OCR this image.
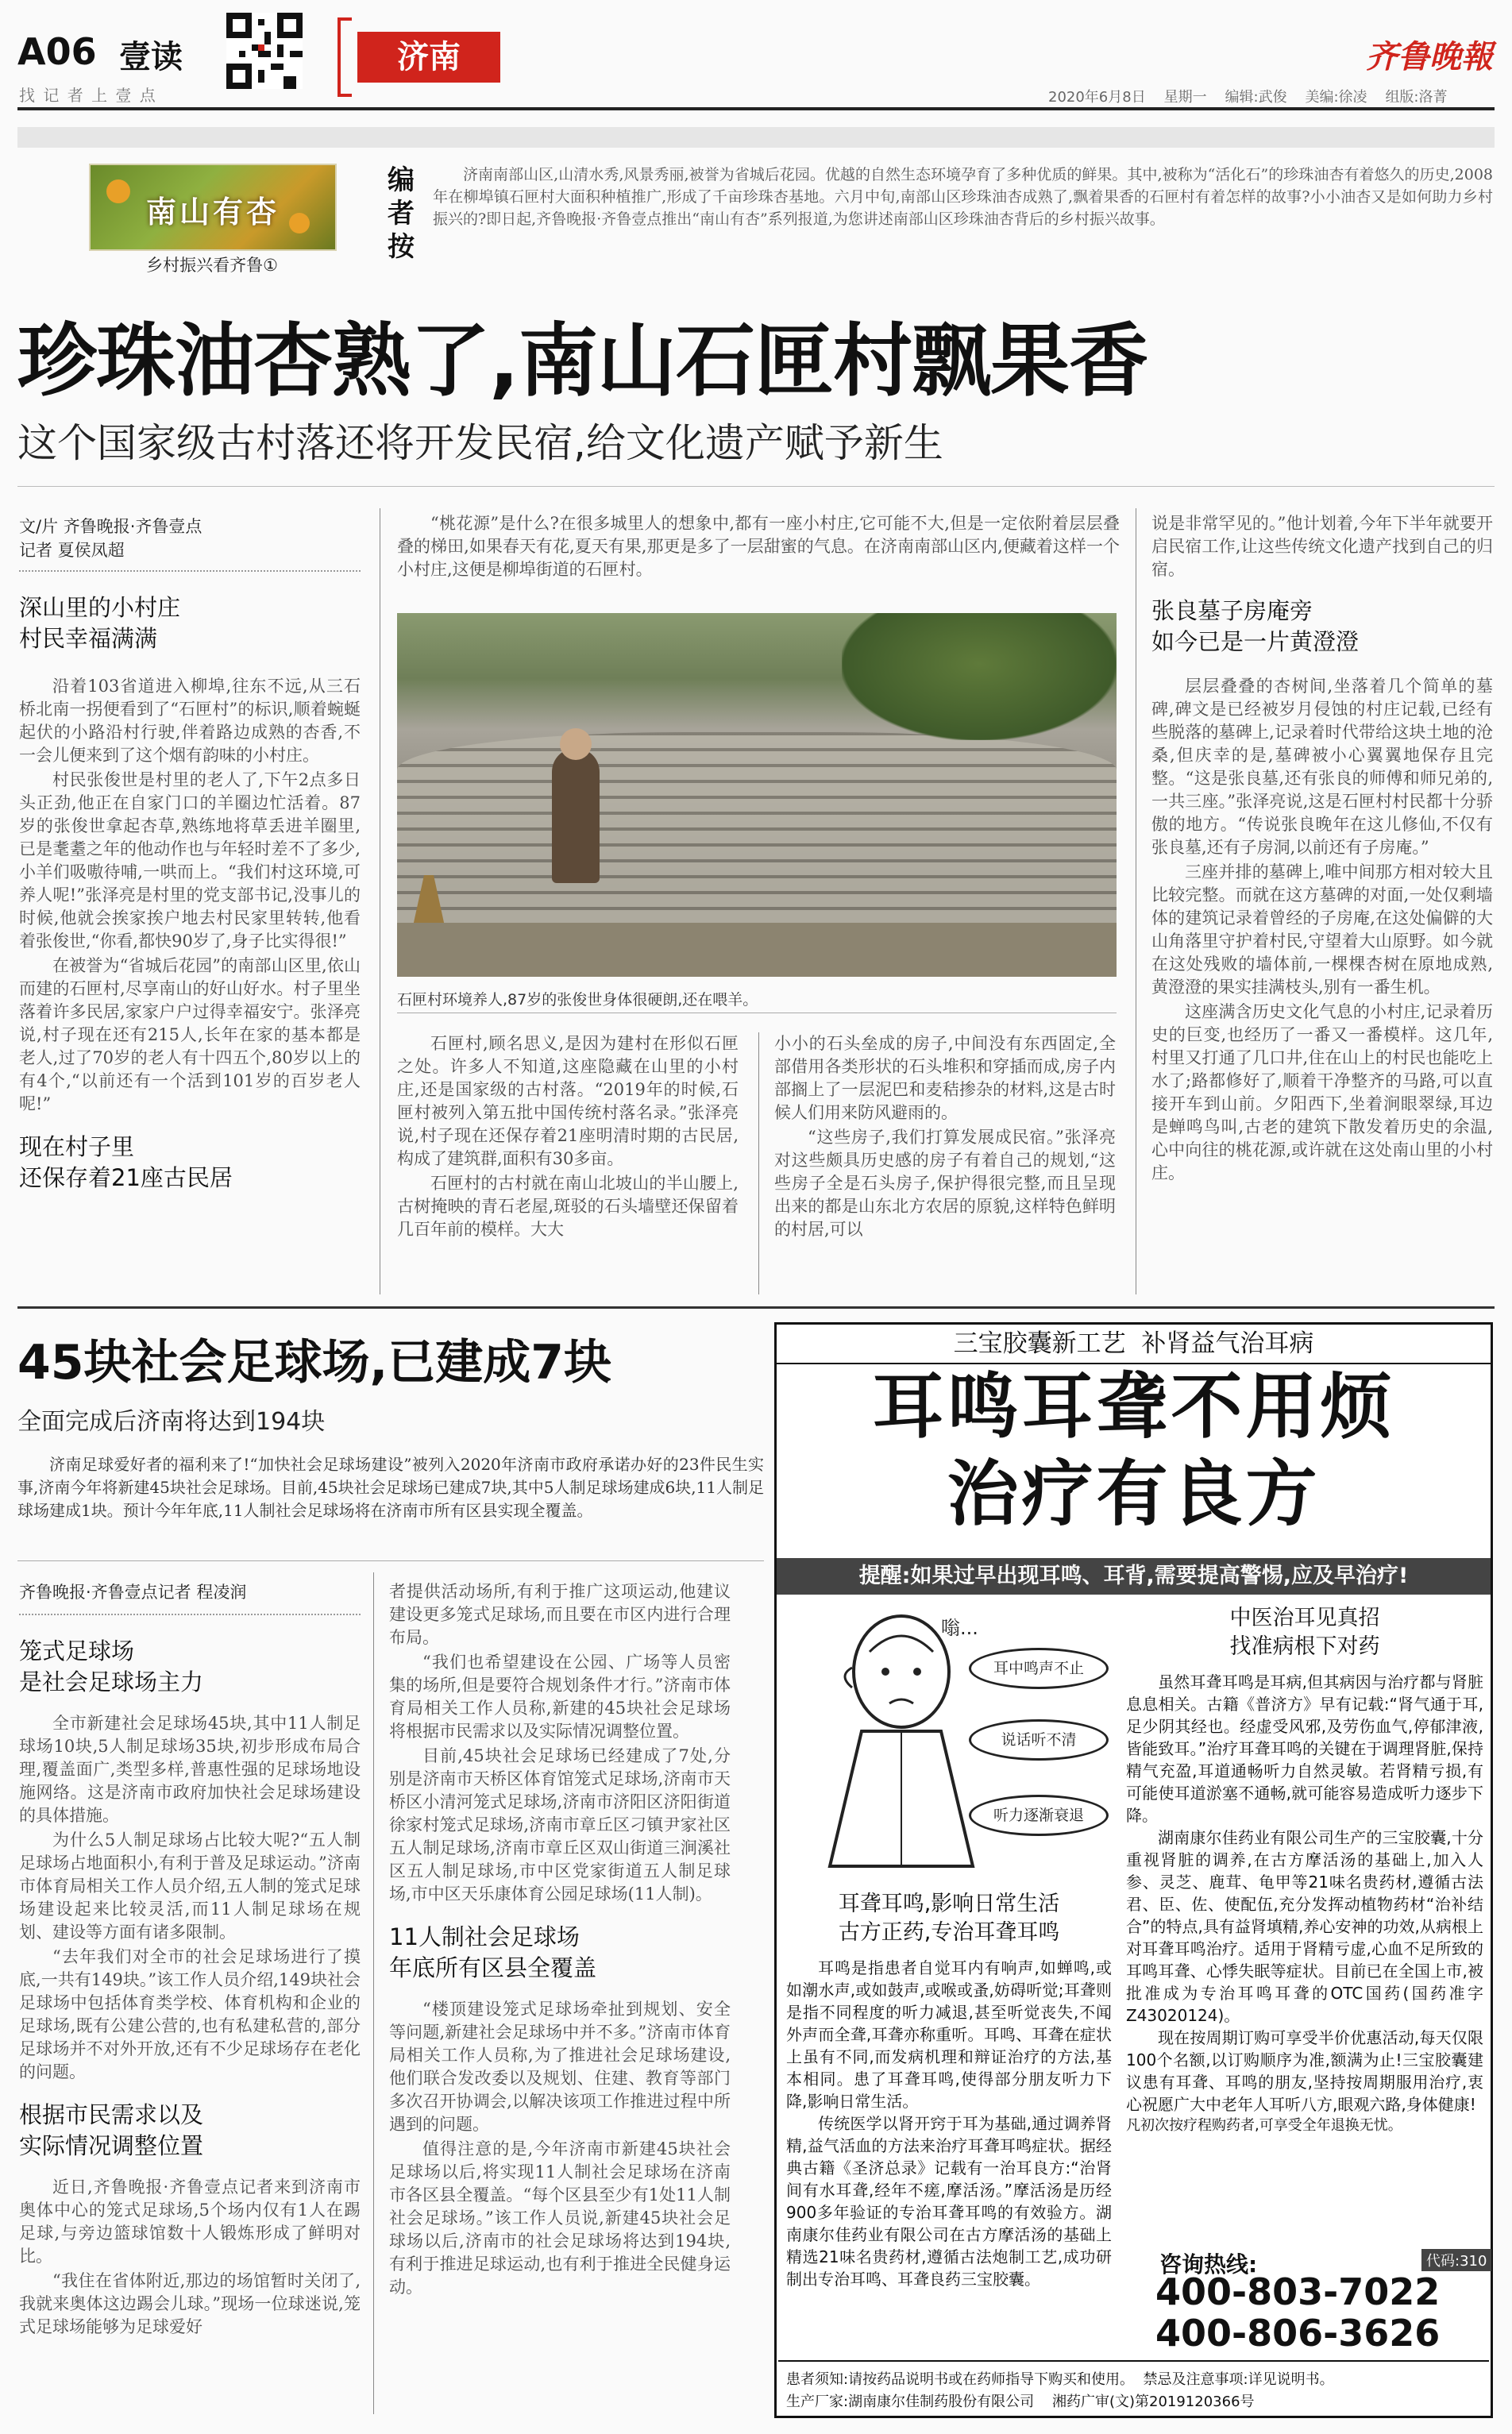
A06 壹读
找 记 者 上 壹 点
济南	齐鲁晚報
2020年6月8日 星期一 编辑:武俊 美编:徐凌 组版:洛菁
南山有杏
乡村振兴看齐鲁①
编
者
按
济南南部山区,山清水秀,风景秀丽,被誉为省城后花园。优越的自然生态环境孕育了多种优质的鲜果。其中,被称为“活化石”的珍珠油杏有着悠久的历史,2008年在柳埠镇石匣村大面积种植推广,形成了千亩珍珠杏基地。六月中旬,南部山区珍珠油杏成熟了,飘着果香的石匣村有着怎样的故事?小小油杏又是如何助力乡村振兴的?即日起,齐鲁晚报·齐鲁壹点推出“南山有杏”系列报道,为您讲述南部山区珍珠油杏背后的乡村振兴故事。
珍珠油杏熟了,南山石匣村飘果香
这个国家级古村落还将开发民宿,给文化遗产赋予新生
文/片 齐鲁晚报·齐鲁壹点
记者 夏侯凤超
深山里的小村庄
村民幸福满满

沿着103省道进入柳埠,往东不远,从三石桥北南一拐便看到了“石匣村”的标识,顺着蜿蜒起伏的小路沿村行驶,伴着路边成熟的杏香,不一会儿便来到了这个烟有韵味的小村庄。

村民张俊世是村里的老人了,下午2点多日头正劲,他正在自家门口的羊圈边忙活着。87岁的张俊世拿起杏草,熟练地将草丢进羊圈里,已是耄耋之年的他动作也与年轻时差不了多少,小羊们吸嗷待哺,一哄而上。“我们村这环境,可养人呢!”张泽亮是村里的党支部书记,没事儿的时候,他就会挨家挨户地去村民家里转转,他看着张俊世,“你看,都快90岁了,身子比实得很!”

在被誉为“省城后花园”的南部山区里,依山而建的石匣村,尽享南山的好山好水。村子里坐落着许多民居,家家户户过得幸福安宁。张泽亮说,村子现在还有215人,长年在家的基本都是老人,过了70岁的老人有十四五个,80岁以上的有4个,“以前还有一个活到101岁的百岁老人呢!”

现在村子里
还保存着21座古民居

“桃花源”是什么?在很多城里人的想象中,都有一座小村庄,它可能不大,但是一定依附着层层叠叠的梯田,如果春天有花,夏天有果,那更是多了一层甜蜜的气息。在济南南部山区内,便藏着这样一个小村庄,这便是柳埠街道的石匣村。

石匣村环境养人,87岁的张俊世身体很硬朗,还在喂羊。

石匣村,顾名思义,是因为建村在形似石匣之处。许多人不知道,这座隐藏在山里的小村庄,还是国家级的古村落。“2019年的时候,石匣村被列入第五批中国传统村落名录。”张泽亮说,村子现在还保存着21座明清时期的古民居,构成了建筑群,面积有30多亩。

石匣村的古村就在南山北坡山的半山腰上,古树掩映的青石老屋,斑驳的石头墙壁还保留着几百年前的模样。大大

小小的石头垒成的房子,中间没有东西固定,全部借用各类形状的石头堆积和穿插而成,房子内部搁上了一层泥巴和麦秸掺杂的材料,这是古时候人们用来防风避雨的。

“这些房子,我们打算发展成民宿。”张泽亮对这些颇具历史感的房子有着自己的规划,“这些房子全是石头房子,保护得很完整,而且呈现出来的都是山东北方农居的原貌,这样特色鲜明的村居,可以

说是非常罕见的。”他计划着,今年下半年就要开启民宿工作,让这些传统文化遗产找到自己的归宿。

张良墓子房庵旁
如今已是一片黄澄澄

层层叠叠的杏树间,坐落着几个简单的墓碑,碑文是已经被岁月侵蚀的村庄记载,已经有些脱落的墓碑上,记录着时代带给这块土地的沧桑,但庆幸的是,墓碑被小心翼翼地保存且完整。“这是张良墓,还有张良的师傅和师兄弟的,一共三座。”张泽亮说,这是石匣村村民都十分骄傲的地方。“传说张良晚年在这儿修仙,不仅有张良墓,还有子房洞,以前还有子房庵。”

三座并排的墓碑上,唯中间那方相对较大且比较完整。而就在这方墓碑的对面,一处仅剩墙体的建筑记录着曾经的子房庵,在这处偏僻的大山角落里守护着村民,守望着大山原野。如今就在这处残败的墙体前,一棵棵杏树在原地成熟,黄澄澄的果实挂满枝头,别有一番生机。

这座满含历史文化气息的小村庄,记录着历史的巨变,也经历了一番又一番模样。这几年,村里又打通了几口井,住在山上的村民也能吃上水了;路都修好了,顺着干净整齐的马路,可以直接开车到山前。夕阳西下,坐着涧眼翠绿,耳边是蝉鸣鸟叫,古老的建筑下散发着历史的余温,心中向往的桃花源,或许就在这处南山里的小村庄。

45块社会足球场,已建成7块
全面完成后济南将达到194块
济南足球爱好者的福利来了!“加快社会足球场建设”被列入2020年济南市政府承诺办好的23件民生实事,济南今年将新建45块社会足球场。目前,45块社会足球场已建成7块,其中5人制足球场建成6块,11人制足球场建成1块。预计今年年底,11人制社会足球场将在济南市所有区县实现全覆盖。
齐鲁晚报·齐鲁壹点记者 程凌润
笼式足球场
是社会足球场主力

全市新建社会足球场45块,其中11人制足球场10块,5人制足球场35块,初步形成布局合理,覆盖面广,类型多样,普惠性强的足球场地设施网络。这是济南市政府加快社会足球场建设的具体措施。

为什么5人制足球场占比较大呢?“五人制足球场占地面积小,有利于普及足球运动。”济南市体育局相关工作人员介绍,五人制的笼式足球场建设起来比较灵活,而11人制足球场在规划、建设等方面有诸多限制。

“去年我们对全市的社会足球场进行了摸底,一共有149块。”该工作人员介绍,149块社会足球场中包括体育类学校、体育机构和企业的足球场,既有公建公营的,也有私建私营的,部分足球场并不对外开放,还有不少足球场存在老化的问题。

根据市民需求以及
实际情况调整位置

近日,齐鲁晚报·齐鲁壹点记者来到济南市奥体中心的笼式足球场,5个场内仅有1人在踢足球,与旁边篮球馆数十人锻炼形成了鲜明对比。

“我住在省体附近,那边的场馆暂时关闭了,我就来奥体这边踢会儿球。”现场一位球迷说,笼式足球场能够为足球爱好

者提供活动场所,有利于推广这项运动,他建议建设更多笼式足球场,而且要在市区内进行合理布局。

“我们也希望建设在公园、广场等人员密集的场所,但是要符合规划条件才行。”济南市体育局相关工作人员称,新建的45块社会足球场将根据市民需求以及实际情况调整位置。

目前,45块社会足球场已经建成了7处,分别是济南市天桥区体育馆笼式足球场,济南市天桥区小清河笼式足球场,济南市济阳区济阳街道徐家村笼式足球场,济南市章丘区刁镇尹家社区五人制足球场,济南市章丘区双山街道三涧溪社区五人制足球场,市中区党家街道五人制足球场,市中区天乐康体育公园足球场(11人制)。

11人制社会足球场
年底所有区县全覆盖

“楼顶建设笼式足球场牵扯到规划、安全等问题,新建社会足球场中并不多。”济南市体育局相关工作人员称,为了推进社会足球场建设,他们联合发改委以及规划、住建、教育等部门多次召开协调会,以解决该项工作推进过程中所遇到的问题。

值得注意的是,今年济南市新建45块社会足球场以后,将实现11人制社会足球场在济南市各区县全覆盖。“每个区县至少有1处11人制社会足球场。”该工作人员说,新建45块社会足球场以后,济南市的社会足球场将达到194块,有利于推进足球运动,也有利于推进全民健身运动。

三宝胶囊新工艺  补肾益气治耳病
耳鸣耳聋不用烦
治疗有良方
提醒:如果过早出现耳鸣、耳背,需要提高警惕,应及早治疗!
嗡...
耳中鸣声不止
说话听不清
听力逐渐衰退
耳聋耳鸣,影响日常生活
古方正药,专治耳聋耳鸣

耳鸣是指患者自觉耳内有响声,如蝉鸣,或如潮水声,或如鼓声,或喉或蚤,妨碍听觉;耳聋则是指不同程度的听力减退,甚至听觉丧失,不闻外声而全聋,耳聋亦称重听。耳鸣、耳聋在症状上虽有不同,而发病机理和辩证治疗的方法,基本相同。患了耳聋耳鸣,使得部分朋友听力下降,影响日常生活。

传统医学以肾开窍于耳为基础,通过调养肾精,益气活血的方法来治疗耳聋耳鸣症状。据经典古籍《圣济总录》记载有一治耳良方:“治肾间有水耳聋,经年不瘥,摩活汤。”摩活汤是历经900多年验证的专治耳聋耳鸣的有效验方。湖南康尔佳药业有限公司在古方摩活汤的基础上精选21味名贵药材,遵循古法炮制工艺,成功研制出专治耳鸣、耳聋良药三宝胶囊。

中医治耳见真招
找准病根下对药

虽然耳聋耳鸣是耳病,但其病因与治疗都与肾脏息息相关。古籍《普济方》早有记载:“肾气通于耳,足少阴其经也。经虚受风邪,及劳伤血气,停郁津液,皆能致耳。”治疗耳聋耳鸣的关键在于调理肾脏,保持精气充盈,耳道通畅听力自然灵敏。若肾精亏损,有可能使耳道淤塞不通畅,就可能容易造成听力逐步下降。

湖南康尔佳药业有限公司生产的三宝胶囊,十分重视肾脏的调养,在古方摩活汤的基础上,加入人参、灵芝、鹿茸、龟甲等21味名贵药材,遵循古法君、臣、佐、使配伍,充分发挥动植物药材“治补结合”的特点,具有益肾填精,养心安神的功效,从病根上对耳聋耳鸣治疗。适用于肾精亏虚,心血不足所致的耳鸣耳聋、心悸失眠等症状。目前已在全国上市,被批准成为专治耳鸣耳聋的OTC国药(国药准字Z43020124)。

现在按周期订购可享受半价优惠活动,每天仅限100个名额,以订购顺序为准,额满为止!三宝胶囊建议患有耳聋、耳鸣的朋友,坚持按周期服用治疗,衷心祝愿广大中老年人耳听八方,眼观六路,身体健康!

凡初次按疗程购药者,可享受全年退换无忧。
咨询热线:	代码:310
400-803-7022
400-806-3626
患者须知:请按药品说明书或在药师指导下购买和使用。  禁忌及注意事项:详见说明书。
生产厂家:湖南康尔佳制药股份有限公司    湘药广审(文)第2019120366号
